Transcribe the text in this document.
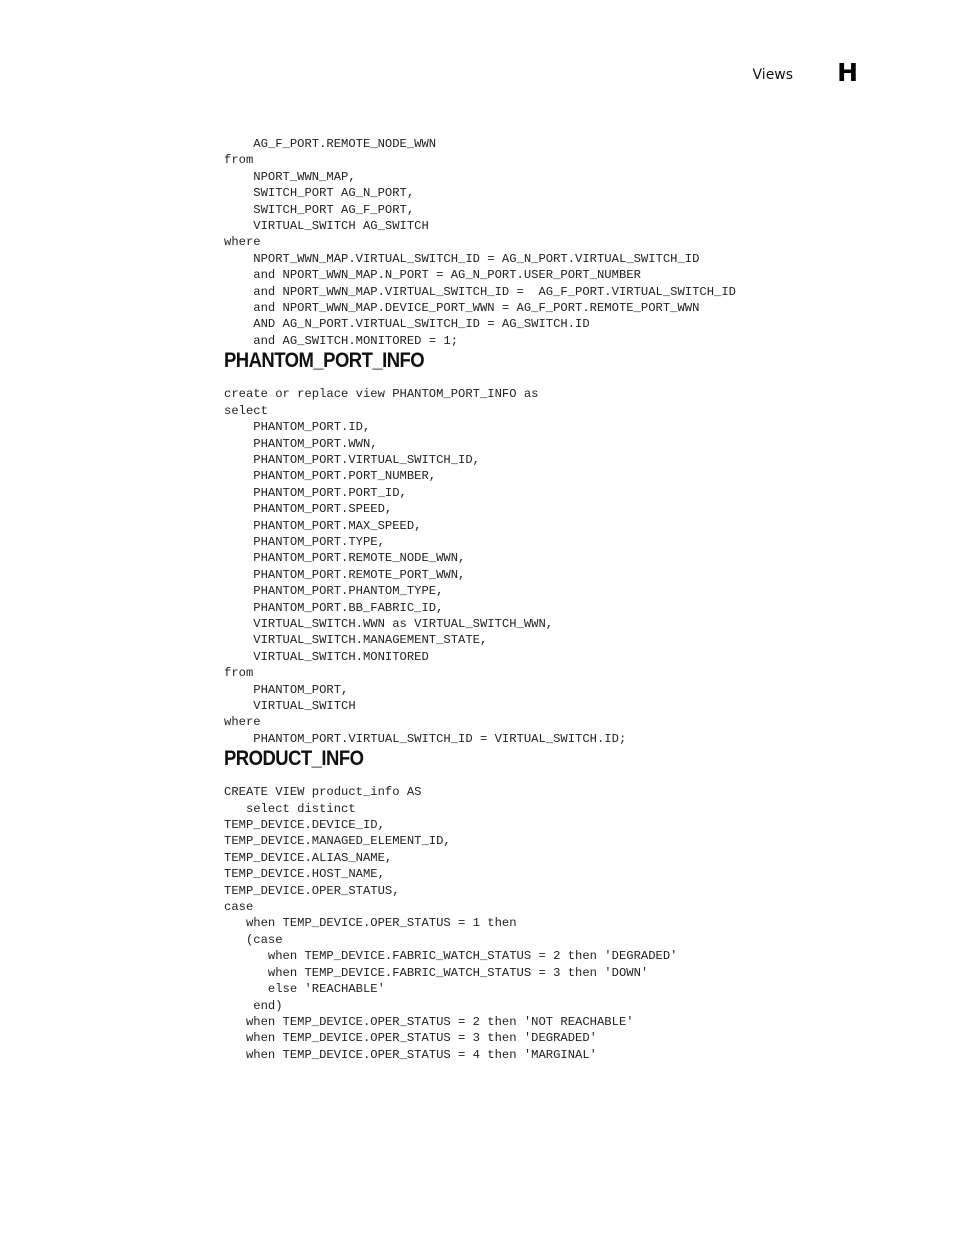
Views H
AG_F_PORT.REMOTE_NODE_WWN
from
NPORT_WWN_MAP,
SWITCH_PORT AG_N_PORT,
SWITCH_PORT AG_F_PORT,
VIRTUAL_SWITCH AG_SWITCH
where
NPORT_WWN_MAP.VIRTUAL_SWITCH_ID = AG_N_PORT.VIRTUAL_SWITCH_ID
and NPORT_WWN_MAP.N_PORT = AG_N_PORT.USER_PORT_NUMBER
and NPORT_WWN_MAP.VIRTUAL_SWITCH_ID =  AG_F_PORT.VIRTUAL_SWITCH_ID
and NPORT_WWN_MAP.DEVICE_PORT_WWN = AG_F_PORT.REMOTE_PORT_WWN
AND AG_N_PORT.VIRTUAL_SWITCH_ID = AG_SWITCH.ID
and AG_SWITCH.MONITORED = 1;
PHANTOM_PORT_INFO
create or replace view PHANTOM_PORT_INFO as
select
PHANTOM_PORT.ID,
PHANTOM_PORT.WWN,
PHANTOM_PORT.VIRTUAL_SWITCH_ID,
PHANTOM_PORT.PORT_NUMBER,
PHANTOM_PORT.PORT_ID,
PHANTOM_PORT.SPEED,
PHANTOM_PORT.MAX_SPEED,
PHANTOM_PORT.TYPE,
PHANTOM_PORT.REMOTE_NODE_WWN,
PHANTOM_PORT.REMOTE_PORT_WWN,
PHANTOM_PORT.PHANTOM_TYPE,
PHANTOM_PORT.BB_FABRIC_ID,
VIRTUAL_SWITCH.WWN as VIRTUAL_SWITCH_WWN,
VIRTUAL_SWITCH.MANAGEMENT_STATE,
VIRTUAL_SWITCH.MONITORED
from
PHANTOM_PORT,
VIRTUAL_SWITCH
where
PHANTOM_PORT.VIRTUAL_SWITCH_ID = VIRTUAL_SWITCH.ID;
PRODUCT_INFO
CREATE VIEW product_info AS
select distinct
TEMP_DEVICE.DEVICE_ID,
TEMP_DEVICE.MANAGED_ELEMENT_ID,
TEMP_DEVICE.ALIAS_NAME,
TEMP_DEVICE.HOST_NAME,
TEMP_DEVICE.OPER_STATUS,
case
when TEMP_DEVICE.OPER_STATUS = 1 then
(case
when TEMP_DEVICE.FABRIC_WATCH_STATUS = 2 then 'DEGRADED'
when TEMP_DEVICE.FABRIC_WATCH_STATUS = 3 then 'DOWN'
else 'REACHABLE'
end)
when TEMP_DEVICE.OPER_STATUS = 2 then 'NOT REACHABLE'
when TEMP_DEVICE.OPER_STATUS = 3 then 'DEGRADED'
when TEMP_DEVICE.OPER_STATUS = 4 then 'MARGINAL'
